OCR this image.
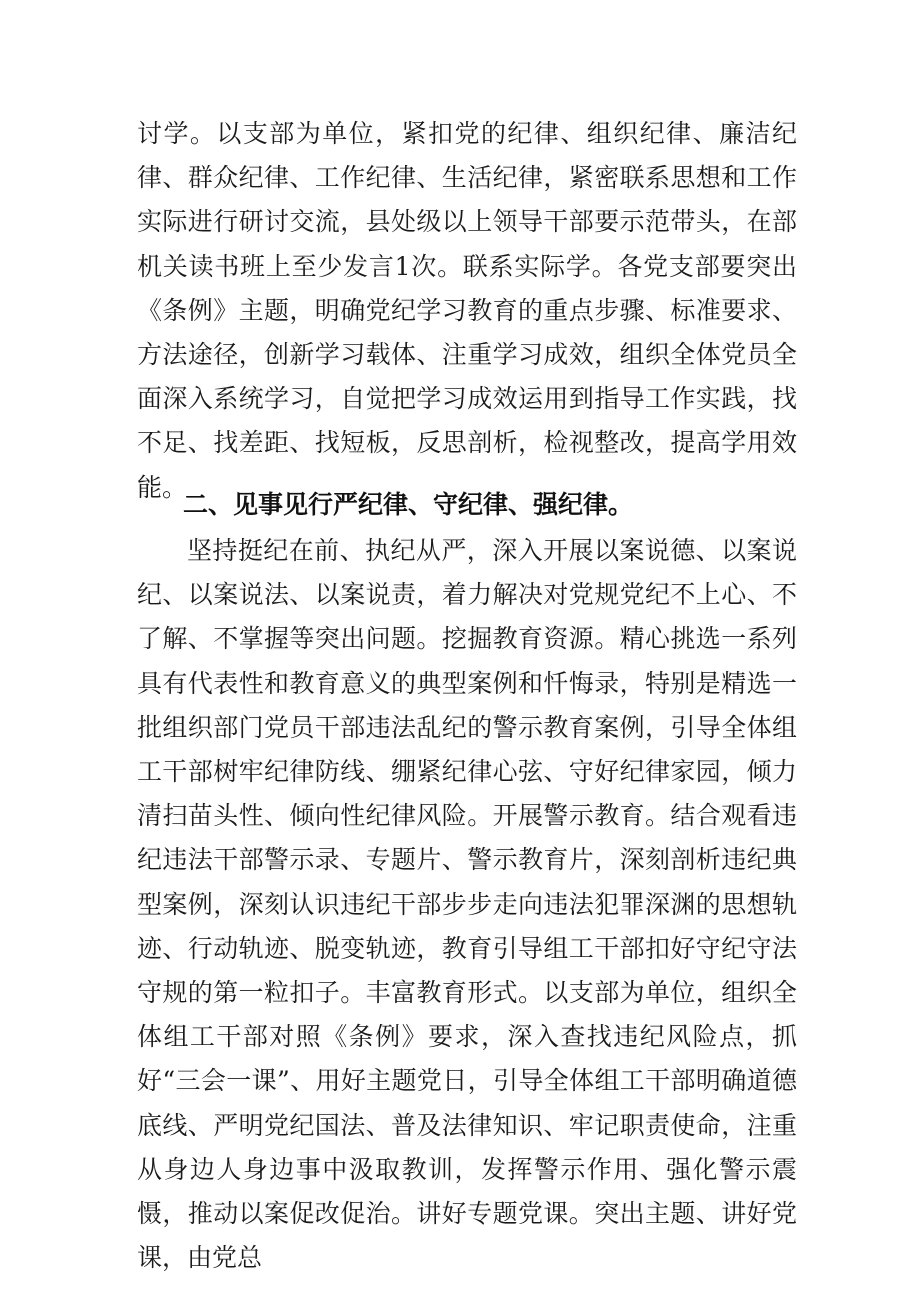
讨学。以支部为单位，紧扣党的纪律、组织纪律、廉洁纪律、群众纪律、工作纪律、生活纪律，紧密联系思想和工作实际进行研讨交流，县处级以上领导干部要示范带头，在部机关读书班上至少发言1次。联系实际学。各党支部要突出《条例》主题，明确党纪学习教育的重点步骤、标准要求、方法途径，创新学习载体、注重学习成效，组织全体党员全面深入系统学习，自觉把学习成效运用到指导工作实践，找不足、找差距、找短板，反思剖析，检视整改，提高学用效能。
二、见事见行严纪律、守纪律、强纪律。
坚持挺纪在前、执纪从严，深入开展以案说德、以案说纪、以案说法、以案说责，着力解决对党规党纪不上心、不了解、不掌握等突出问题。挖掘教育资源。精心挑选一系列具有代表性和教育意义的典型案例和忏悔录，特别是精选一批组织部门党员干部违法乱纪的警示教育案例，引导全体组工干部树牢纪律防线、绷紧纪律心弦、守好纪律家园，倾力清扫苗头性、倾向性纪律风险。开展警示教育。结合观看违纪违法干部警示录、专题片、警示教育片，深刻剖析违纪典型案例，深刻认识违纪干部步步走向违法犯罪深渊的思想轨迹、行动轨迹、脱变轨迹，教育引导组工干部扣好守纪守法守规的第一粒扣子。丰富教育形式。以支部为单位，组织全体组工干部对照《条例》要求，深入查找违纪风险点，抓好“三会一课”、用好主题党日，引导全体组工干部明确道德底线、严明党纪国法、普及法律知识、牢记职责使命，注重从身边人身边事中汲取教训，发挥警示作用、强化警示震慑，推动以案促改促治。讲好专题党课。突出主题、讲好党课，由党总
